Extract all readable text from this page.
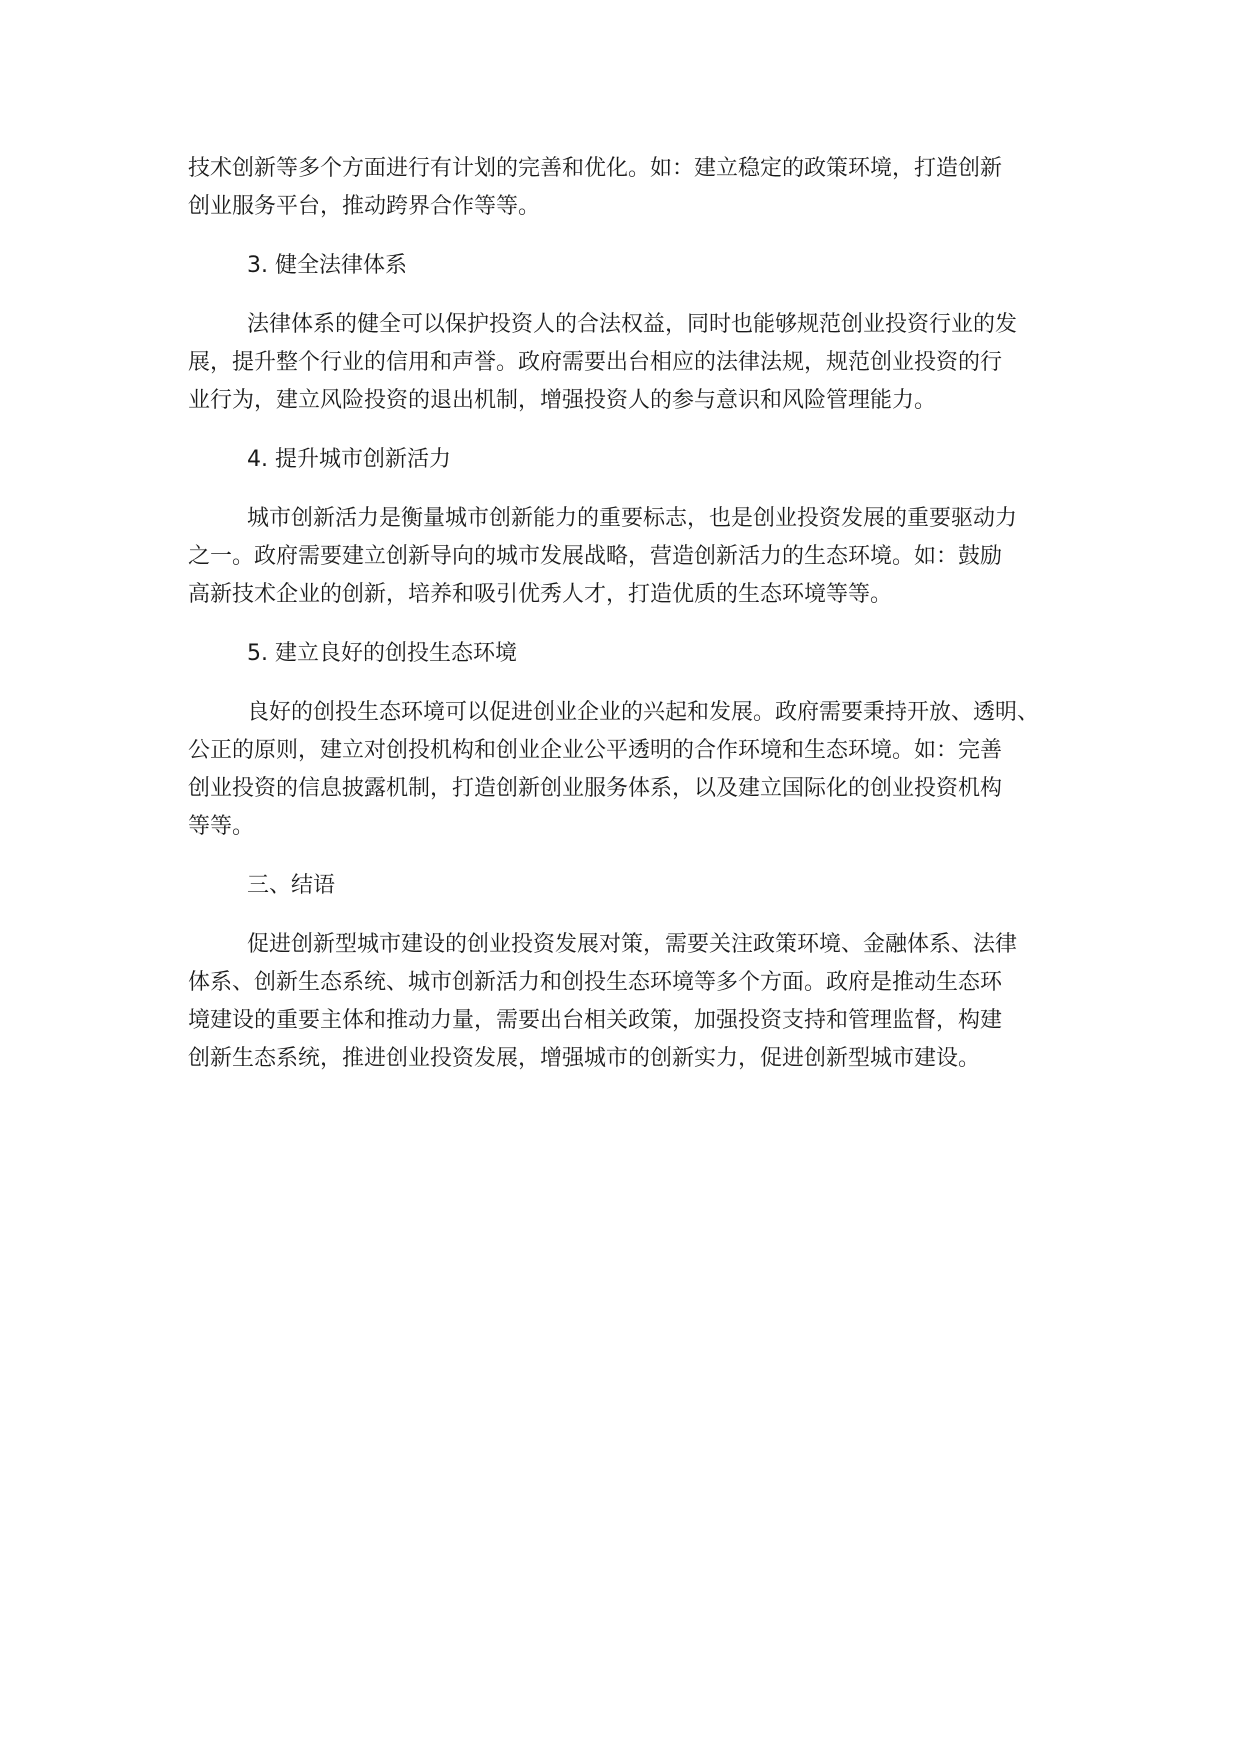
技术创新等多个方面进行有计划的完善和优化。如：建立稳定的政策环境，打造创新
创业服务平台，推动跨界合作等等。
3. 健全法律体系
法律体系的健全可以保护投资人的合法权益，同时也能够规范创业投资行业的发
展，提升整个行业的信用和声誉。政府需要出台相应的法律法规，规范创业投资的行
业行为，建立风险投资的退出机制，增强投资人的参与意识和风险管理能力。
4. 提升城市创新活力
城市创新活力是衡量城市创新能力的重要标志，也是创业投资发展的重要驱动力
之一。政府需要建立创新导向的城市发展战略，营造创新活力的生态环境。如：鼓励
高新技术企业的创新，培养和吸引优秀人才，打造优质的生态环境等等。
5. 建立良好的创投生态环境
良好的创投生态环境可以促进创业企业的兴起和发展。政府需要秉持开放、透明、
公正的原则，建立对创投机构和创业企业公平透明的合作环境和生态环境。如：完善
创业投资的信息披露机制，打造创新创业服务体系，以及建立国际化的创业投资机构
等等。
三、结语
促进创新型城市建设的创业投资发展对策，需要关注政策环境、金融体系、法律
体系、创新生态系统、城市创新活力和创投生态环境等多个方面。政府是推动生态环
境建设的重要主体和推动力量，需要出台相关政策，加强投资支持和管理监督，构建
创新生态系统，推进创业投资发展，增强城市的创新实力，促进创新型城市建设。
